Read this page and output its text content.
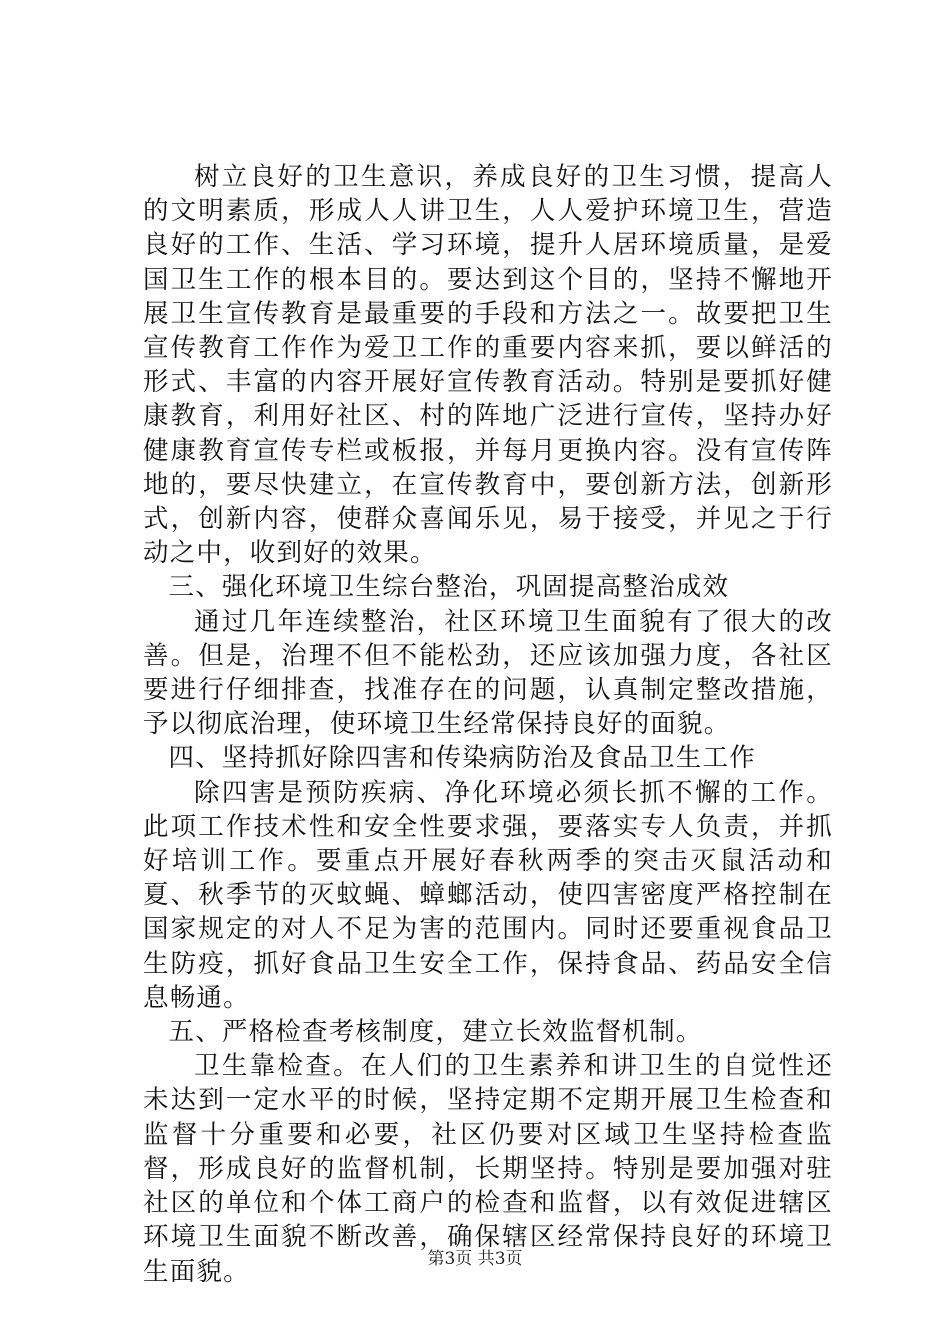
树立良好的卫生意识，养成良好的卫生习惯，提高人的文明素质，形成人人讲卫生，人人爱护环境卫生，营造良好的工作、生活、学习环境，提升人居环境质量，是爱国卫生工作的根本目的。要达到这个目的，坚持不懈地开展卫生宣传教育是最重要的手段和方法之一。故要把卫生宣传教育工作作为爱卫工作的重要内容来抓，要以鲜活的形式、丰富的内容开展好宣传教育活动。特别是要抓好健康教育，利用好社区、村的阵地广泛进行宣传，坚持办好健康教育宣传专栏或板报，并每月更换内容。没有宣传阵地的，要尽快建立，在宣传教育中，要创新方法，创新形式，创新内容，使群众喜闻乐见，易于接受，并见之于行动之中，收到好的效果。

三、强化环境卫生综台整治，巩固提高整治成效

通过几年连续整治，社区环境卫生面貌有了很大的改善。但是，治理不但不能松劲，还应该加强力度，各社区要进行仔细排查，找准存在的问题，认真制定整改措施，予以彻底治理，使环境卫生经常保持良好的面貌。

四、坚持抓好除四害和传染病防治及食品卫生工作

除四害是预防疾病、净化环境必须长抓不懈的工作。此项工作技术性和安全性要求强，要落实专人负责，并抓好培训工作。要重点开展好春秋两季的突击灭鼠活动和夏、秋季节的灭蚊蝇、蟑螂活动，使四害密度严格控制在国家规定的对人不足为害的范围内。同时还要重视食品卫生防疫，抓好食品卫生安全工作，保持食品、药品安全信息畅通。

五、严格检查考核制度，建立长效监督机制。

卫生靠检查。在人们的卫生素养和讲卫生的自觉性还未达到一定水平的时候，坚持定期不定期开展卫生检查和监督十分重要和必要，社区仍要对区域卫生坚持检查监督，形成良好的监督机制，长期坚持。特别是要加强对驻社区的单位和个体工商户的检查和监督，以有效促进辖区环境卫生面貌不断改善，确保辖区经常保持良好的环境卫生面貌。	第3页 共3页
